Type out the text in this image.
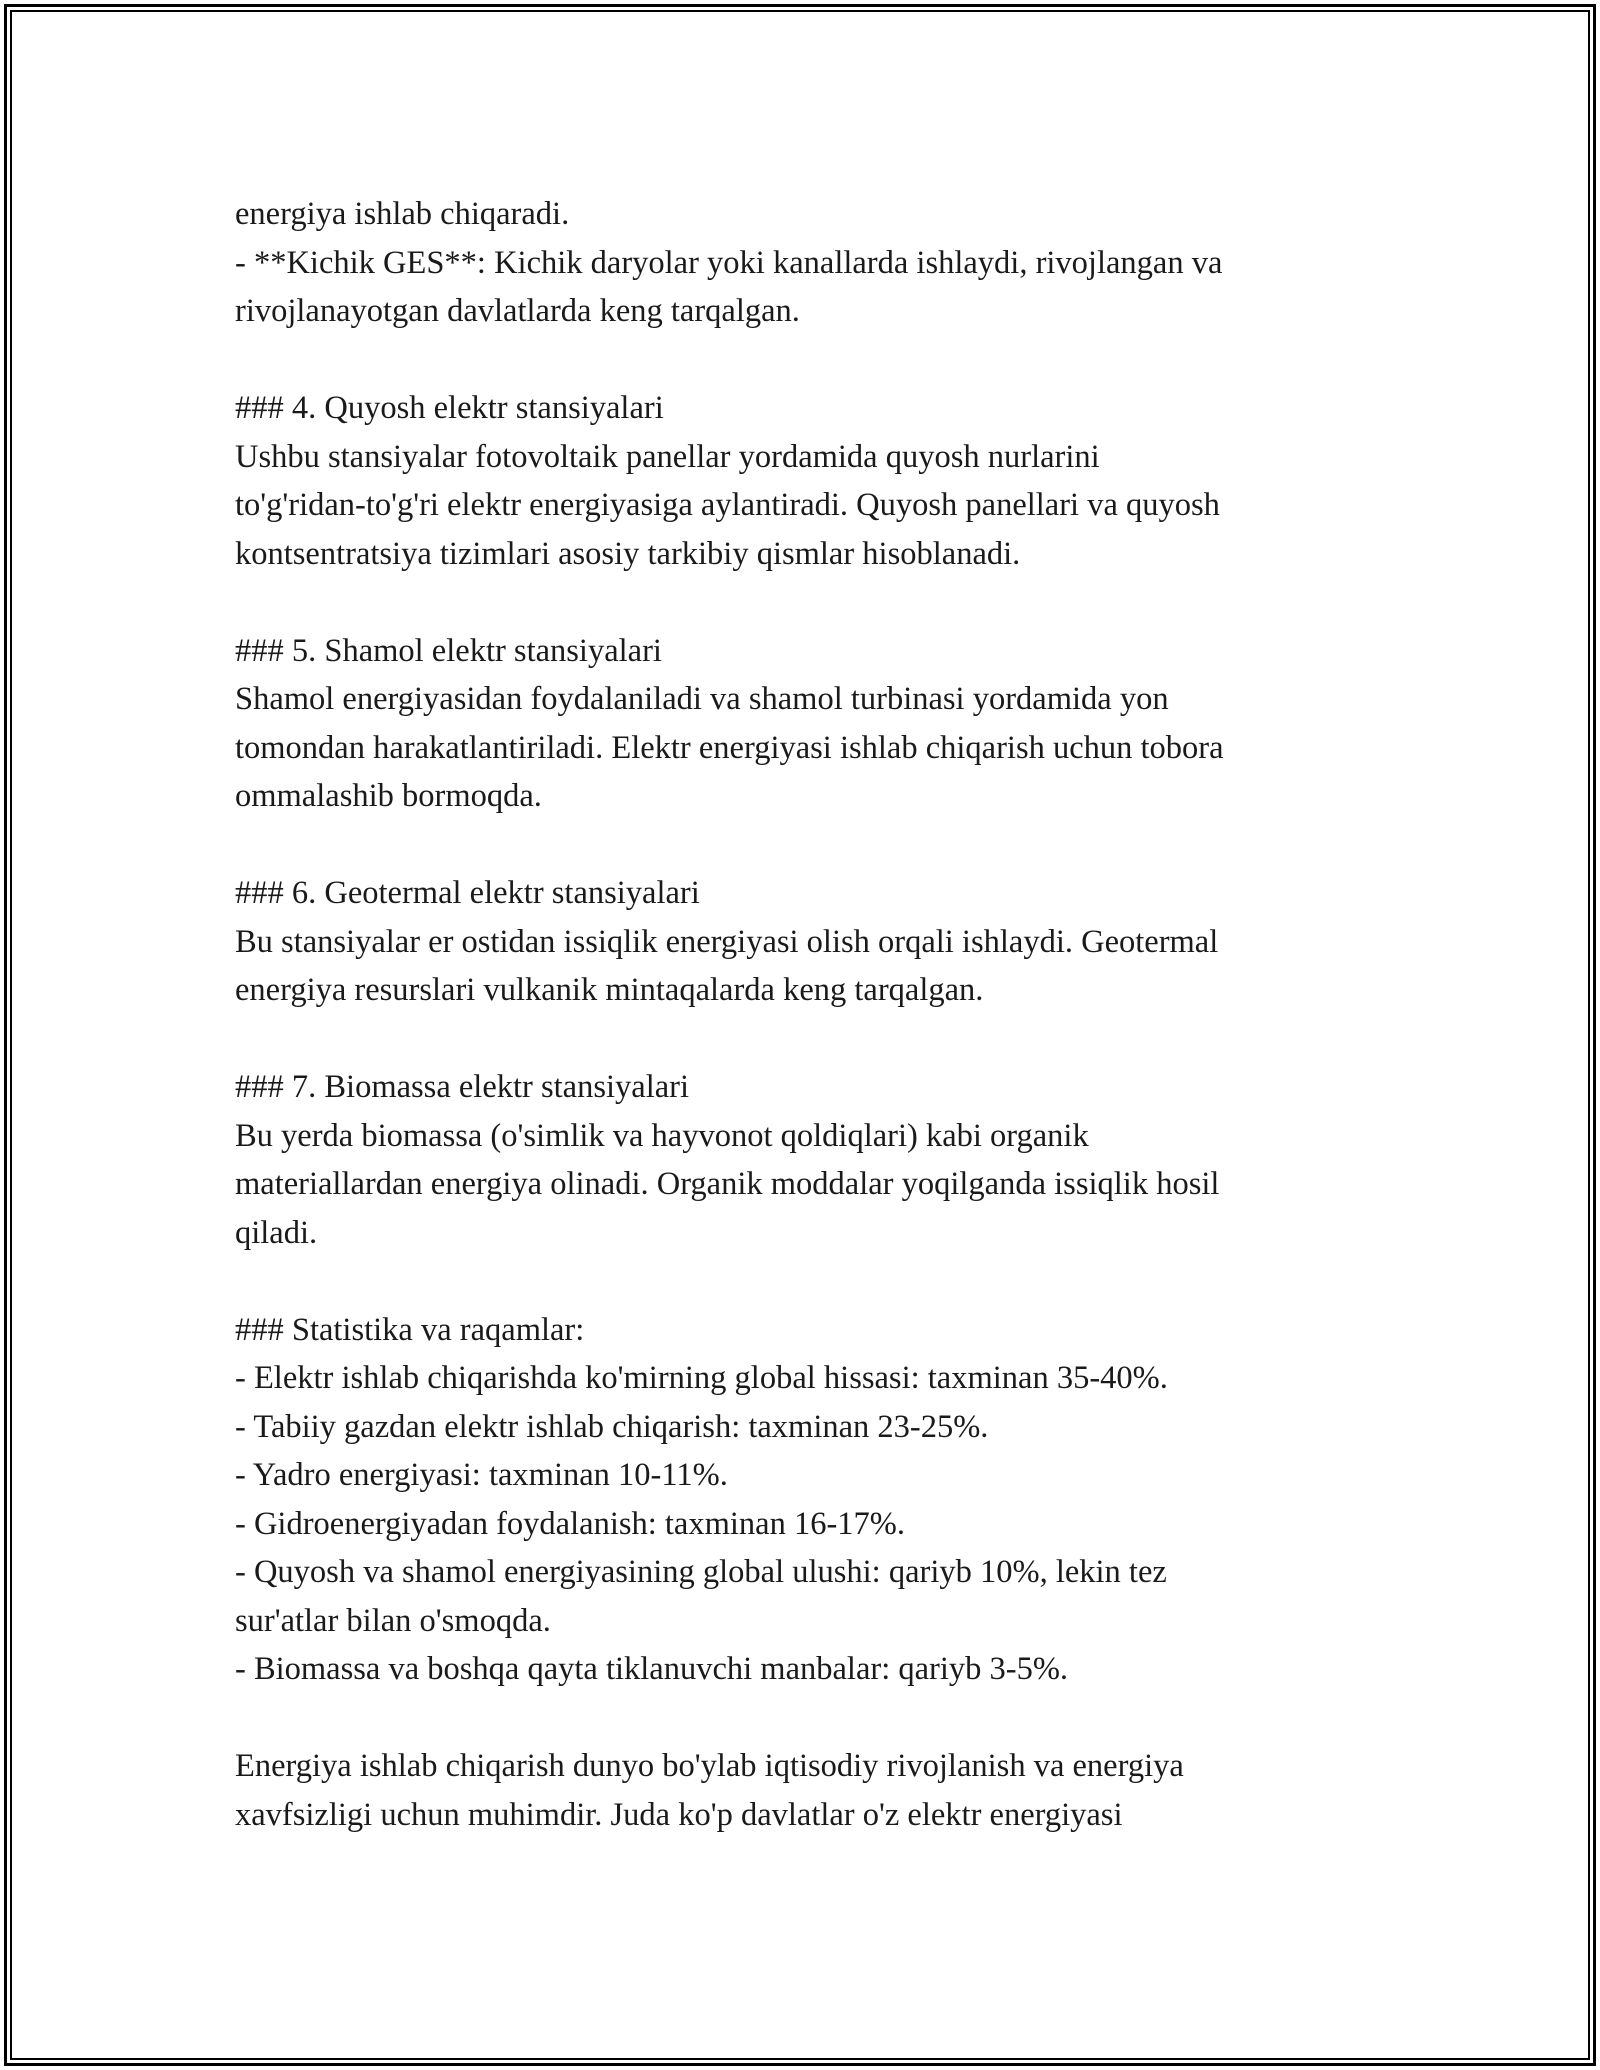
energiya ishlab chiqaradi.
- **Kichik GES**: Kichik daryolar yoki kanallarda ishlaydi, rivojlangan va
rivojlanayotgan davlatlarda keng tarqalgan.
### 4. Quyosh elektr stansiyalari
Ushbu stansiyalar fotovoltaik panellar yordamida quyosh nurlarini
to'g'ridan-to'g'ri elektr energiyasiga aylantiradi. Quyosh panellari va quyosh
kontsentratsiya tizimlari asosiy tarkibiy qismlar hisoblanadi.
### 5. Shamol elektr stansiyalari
Shamol energiyasidan foydalaniladi va shamol turbinasi yordamida yon
tomondan harakatlantiriladi. Elektr energiyasi ishlab chiqarish uchun tobora
ommalashib bormoqda.
### 6. Geotermal elektr stansiyalari
Bu stansiyalar er ostidan issiqlik energiyasi olish orqali ishlaydi. Geotermal
energiya resurslari vulkanik mintaqalarda keng tarqalgan.
### 7. Biomassa elektr stansiyalari
Bu yerda biomassa (o'simlik va hayvonot qoldiqlari) kabi organik
materiallardan energiya olinadi. Organik moddalar yoqilganda issiqlik hosil
qiladi.
### Statistika va raqamlar:
- Elektr ishlab chiqarishda ko'mirning global hissasi: taxminan 35-40%.
- Tabiiy gazdan elektr ishlab chiqarish: taxminan 23-25%.
- Yadro energiyasi: taxminan 10-11%.
- Gidroenergiyadan foydalanish: taxminan 16-17%.
- Quyosh va shamol energiyasining global ulushi: qariyb 10%, lekin tez
sur'atlar bilan o'smoqda.
- Biomassa va boshqa qayta tiklanuvchi manbalar: qariyb 3-5%.
Energiya ishlab chiqarish dunyo bo'ylab iqtisodiy rivojlanish va energiya
xavfsizligi uchun muhimdir. Juda ko'p davlatlar o'z elektr energiyasi
